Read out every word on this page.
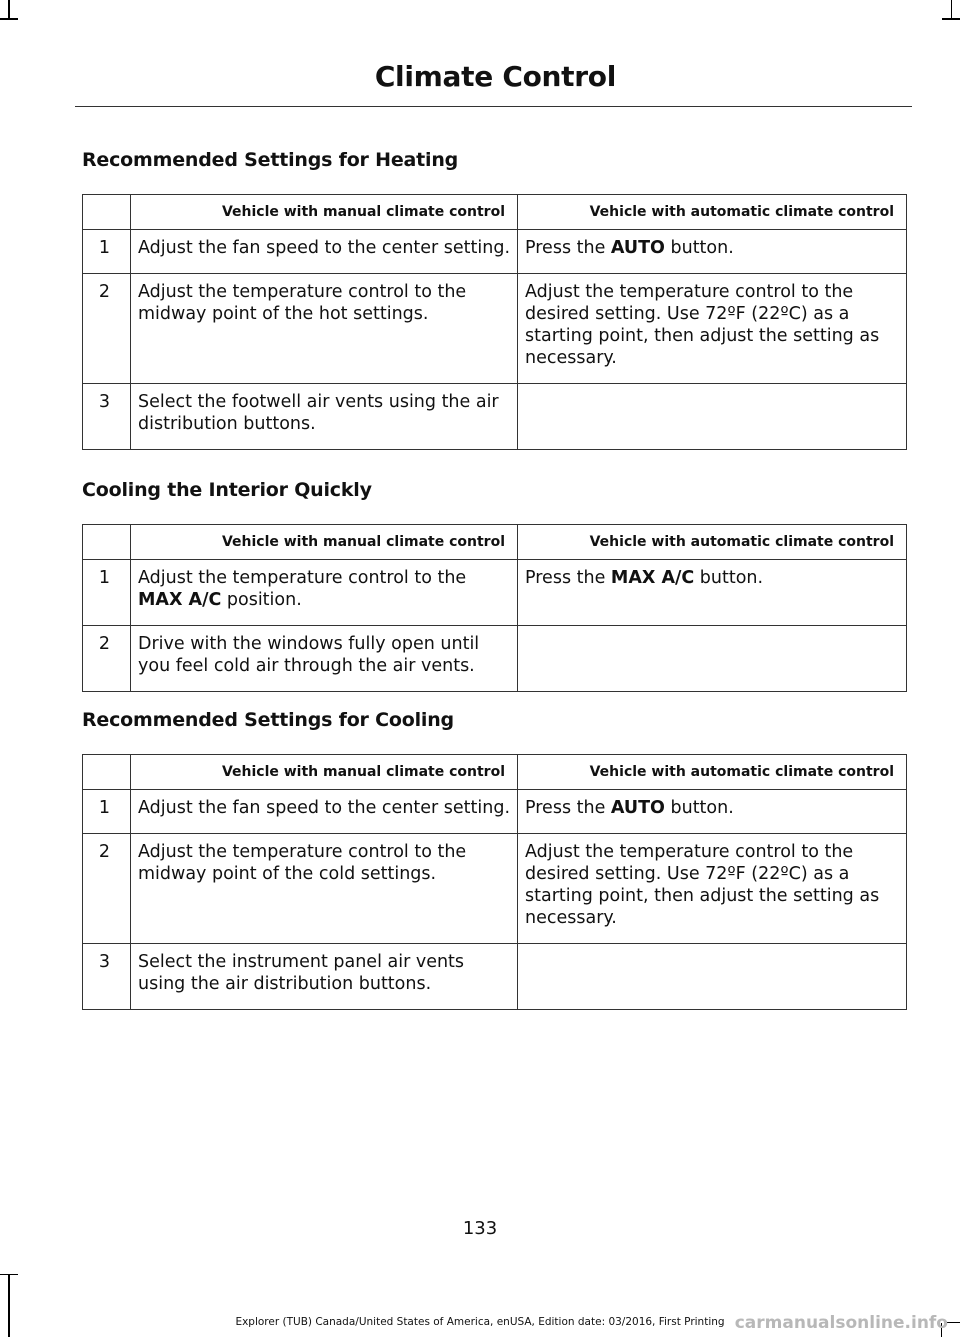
Climate Control
Recommended Settings for Heating
	Vehicle with manual climate control	Vehicle with automatic climate control
1	Adjust the fan speed to the center setting.	Press the AUTO button.
2	Adjust the temperature control to the midway point of the hot settings.	Adjust the temperature control to the desired setting. Use 72ºF (22ºC) as a starting point, then adjust the setting as necessary.
3	Select the footwell air vents using the air distribution buttons.	
Cooling the Interior Quickly
	Vehicle with manual climate control	Vehicle with automatic climate control
1	Adjust the temperature control to the MAX A/C position.	Press the MAX A/C button.
2	Drive with the windows fully open until you feel cold air through the air vents.	
Recommended Settings for Cooling
	Vehicle with manual climate control	Vehicle with automatic climate control
1	Adjust the fan speed to the center setting.	Press the AUTO button.
2	Adjust the temperature control to the midway point of the cold settings.	Adjust the temperature control to the desired setting. Use 72ºF (22ºC) as a starting point, then adjust the setting as necessary.
3	Select the instrument panel air vents using the air distribution buttons.	
133
Explorer (TUB) Canada/United States of America, enUSA, Edition date: 03/2016, First Printing carmanualsonline.info
